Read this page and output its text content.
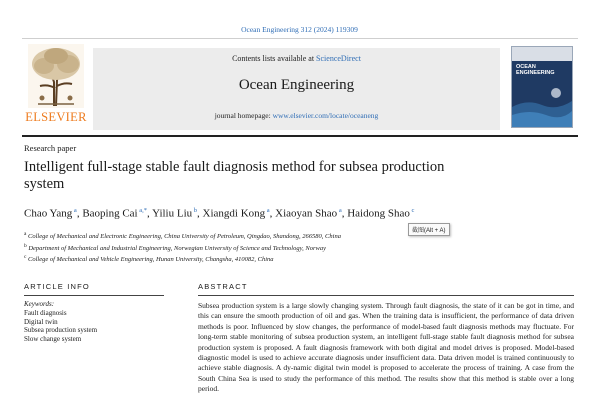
Ocean Engineering 312 (2024) 119309
ELSEVIER
Contents lists available at ScienceDirect
Ocean Engineering
journal homepage: www.elsevier.com/locate/oceaneng
OCEAN ENGINEERING
Research paper
Intelligent full-stage stable fault diagnosis method for subsea production system
Chao Yang $^a$, Baoping Cai $^{a,*}$, Yiliu Liu $^b$, Xiangdi Kong $^a$, Xiaoyan Shao $^a$, Haidong Shao $^c$
截图(Alt + A)
$^a$ College of Mechanical and Electronic Engineering, China University of Petroleum, Qingdao, Shandong, 266580, China
$^b$ Department of Mechanical and Industrial Engineering, Norwegian University of Science and Technology, Norway
$^c$ College of Mechanical and Vehicle Engineering, Hunan University, Changsha, 410082, China
ARTICLE INFO
Keywords:
Fault diagnosis
Digital twin
Subsea production system
Slow change system
ABSTRACT
Subsea production system is a large slowly changing system. Through fault diagnosis, the state of it can be got in time, and this can ensure the smooth production of oil and gas. When the training data is insufficient, the performance of data driven methods is poor. Influenced by slow changes, the performance of model-based fault diagnosis methods may fluctuate. For long-term stable monitoring of subsea production system, an intelligent full-stage stable fault diagnosis method for subsea production system is proposed. A fault diagnosis framework with both digital and model drives is proposed. Model-based diagnostic model is used to achieve accurate diagnosis under insufficient data. Data driven model is trained continuously to achieve stable diagnosis. A dy-namic digital twin model is proposed to accelerate the process of training. A case from the South China Sea is used to study the performance of this method. The results show that this method is stable over a long period.
